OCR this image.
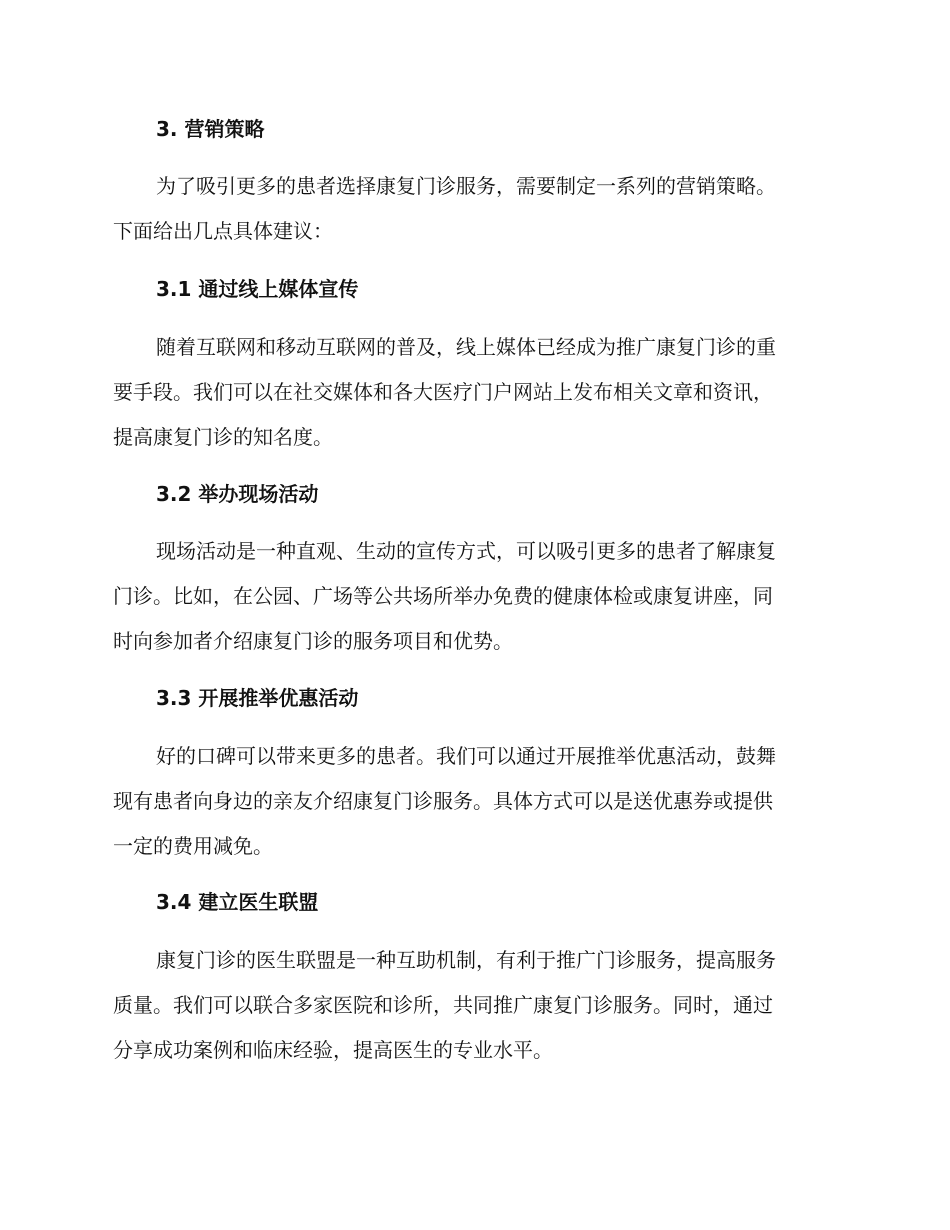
3. 营销策略

为了吸引更多的患者选择康复门诊服务，需要制定一系列的营销策略。
下面给出几点具体建议：

3.1 通过线上媒体宣传

随着互联网和移动互联网的普及，线上媒体已经成为推广康复门诊的重
要手段。我们可以在社交媒体和各大医疗门户网站上发布相关文章和资讯，
提高康复门诊的知名度。

3.2 举办现场活动

现场活动是一种直观、生动的宣传方式，可以吸引更多的患者了解康复
门诊。比如，在公园、广场等公共场所举办免费的健康体检或康复讲座，同
时向参加者介绍康复门诊的服务项目和优势。

3.3 开展推举优惠活动

好的口碑可以带来更多的患者。我们可以通过开展推举优惠活动，鼓舞
现有患者向身边的亲友介绍康复门诊服务。具体方式可以是送优惠券或提供
一定的费用减免。

3.4 建立医生联盟

康复门诊的医生联盟是一种互助机制，有利于推广门诊服务，提高服务
质量。我们可以联合多家医院和诊所，共同推广康复门诊服务。同时，通过
分享成功案例和临床经验，提高医生的专业水平。
